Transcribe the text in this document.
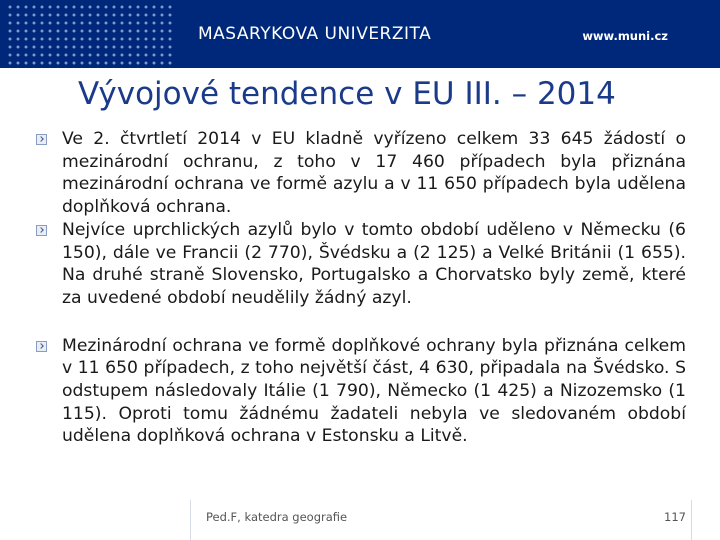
MASARYKOVA UNIVERZITA	www.muni.cz
Vývojové tendence v EU III. – 2014
Ve 2. čtvrtletí 2014 v EU kladně vyřízeno celkem 33 645 žádostí o mezinárodní ochranu, z toho v 17 460 případech byla přiznána mezinárodní ochrana ve formě azylu a v 11 650 případech byla udělena doplňková ochrana.
Nejvíce uprchlických azylů bylo v tomto období uděleno v Německu (6 150), dále ve Francii (2 770), Švédsku a (2 125) a Velké Británii (1 655). Na druhé straně Slovensko, Portugalsko a Chorvatsko byly země, které za uvedené období neudělily žádný azyl.
Mezinárodní ochrana ve formě doplňkové ochrany byla přiznána celkem v 11 650 případech, z toho největší část, 4 630, připadala na Švédsko. S odstupem následovaly Itálie (1 790), Německo (1 425) a Nizozemsko (1 115). Oproti tomu žádnému žadateli nebyla ve sledovaném období udělena doplňková ochrana v Estonsku a Litvě.
Ped.F, katedra geografie	117
